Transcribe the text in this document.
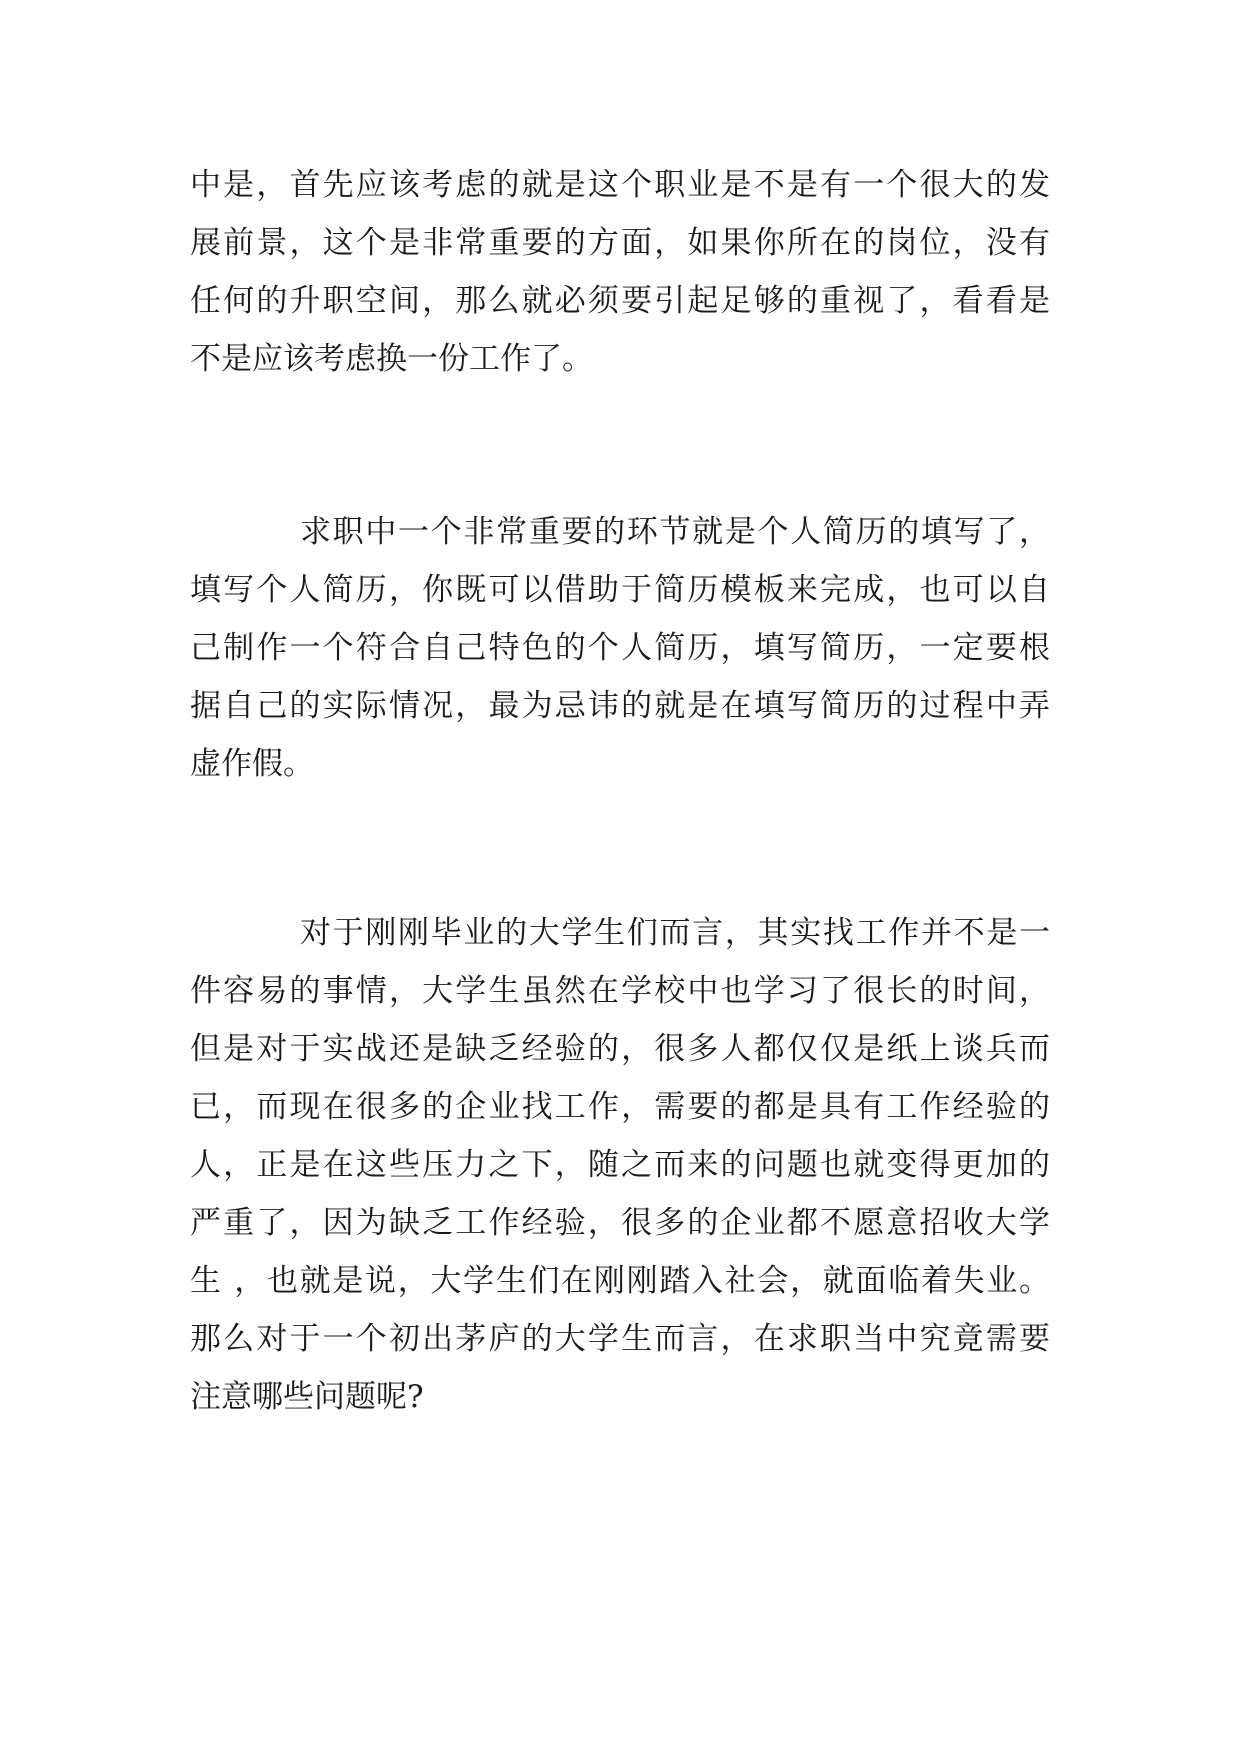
中是，首先应该考虑的就是这个职业是不是有一个很大的发
展前景，这个是非常重要的方面，如果你所在的岗位，没有
任何的升职空间，那么就必须要引起足够的重视了，看看是
不是应该考虑换一份工作了。
求职中一个非常重要的环节就是个人简历的填写了，
填写个人简历，你既可以借助于简历模板来完成，也可以自
己制作一个符合自己特色的个人简历，填写简历，一定要根
据自己的实际情况，最为忌讳的就是在填写简历的过程中弄
虚作假。
对于刚刚毕业的大学生们而言，其实找工作并不是一
件容易的事情，大学生虽然在学校中也学习了很长的时间，
但是对于实战还是缺乏经验的，很多人都仅仅是纸上谈兵而
已，而现在很多的企业找工作，需要的都是具有工作经验的
人，正是在这些压力之下，随之而来的问题也就变得更加的
严重了，因为缺乏工作经验，很多的企业都不愿意招收大学
生 ，也就是说，大学生们在刚刚踏入社会，就面临着失业。
那么对于一个初出茅庐的大学生而言，在求职当中究竟需要
注意哪些问题呢?
